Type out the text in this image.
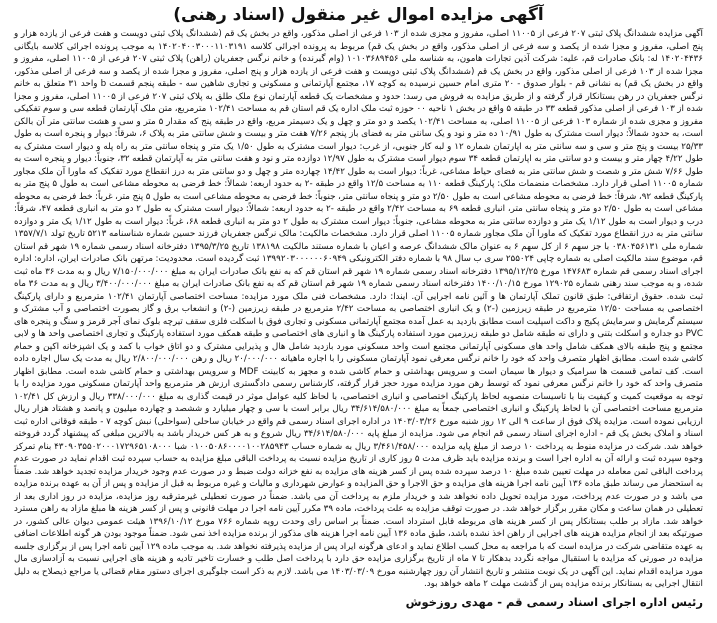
آگهی مزایده اموال غیر منقول (اسناد رهنی)

آگهی مزایده ششدانگ پلاک ثبتی ۲۰۷ فرعی از ۱۱۰۰۵ اصلی، مفروز و مجزی شده از ۱۰۳ فرعی از اصلی مذکور، واقع در بخش یک قم (ششدانگ پلاک ثبتی دویست و هفت فرعی از یازده هزار و پنج اصلی، مفروز و مجزا شده از یکصد و سه فرعی از اصلی مذکور، واقع در بخش یک قم) مربوط به پرونده اجرائی کلاسه ۱۴۰۲۰۴۰۰۳۰۰۰۱۱۰۳۱۹۱ به موجب پرونده اجرائی کلاسه بایگانی ۱۴۰۲۰۴۴۳۶ له: بانک صادرات قم، علیه: شرکت آذین تجارات هامون، به شناسه ملی ۱۰۱۰۳۶۸۹۴۵۶ (وام گیرنده) و خانم نرگس جعفریان (راهن) پلاک ثبتی ۲۰۷ فرعی از ۱۱۰۰۵ اصلی، مفروز و مجزا شده از ۱۰۳ فرعی از اصلی مذکور، واقع در بخش یک قم (ششدانگ پلاک ثبتی دویست و هفت فرعی از یازده هزار و پنج اصلی، مفروز و مجزا شده از یکصد و سه فرعی از اصلی مذکور، واقع در بخش یک قم) به نشانی قم - بلوار صدوق - ۲۰ متری امام حسین نرسیده به کوچه ۱۷، مجتمع آپارتمانی و مسکونی و تجاری شاهین سه - طبقه پنجم قسمت b واحد ۳۱ متعلق به خانم نرگس جعفریان در رهن بستانکار قرار گرفته و از طریق مزایده به فروش می رسد: حدود و مشخصات یک قطعه آپارتمان نوع ملک طلق به پلاک ثبتی ۲۰۷ فرعی از ۱۱۰۰۵ اصلی، مفروز و مجزا شده از ۱۰۳ فرعی از اصلی مذکور قطعه ۳۳ در طبقه ۵ واقع در بخش ۱ ناحیه ۰۰ حوزه ثبت ملک اداره یک قم استان قم به مساحت ۱۰۲/۴۱ مترمربع، متن ملک آپارتمان قطعه سی و سوم تفکیکی مفروز و مجزی شده از شماره ۱۰۳ فرعی از ۱۱۰۰۵ اصلی، به مساحت ۱۰۲/۴۱ یکصد و دو متر و چهل و یک دسیمتر مربع، واقع در طبقه پنج که مقدار ۵ متر و سی و هشت سانتی متر آن بالکن است، به حدود شمالاً: دیوار است مشترک به طول ۱۰/۹۱ ده متر و نود و یک سانتی متر به فضای باز پنجم ۷/۲۶ هفت متر و بیست و شش سانتی متر به پلاک ۶، شرقاً: دیوار و پنجره است به طول ۲۵/۳۳ بیست و پنج متر و سی و سه سانتی متر به اپارتمان شماره ۱۲ و لبه کار جنوبی، از غرب: دیوار است مشترک به طول ۱/۵۰ یک متر و پنجاه سانتی متر به راه پله و دیوار است مشترک به طول ۴/۲۲ چهار متر و بیست و دو سانتی متر به اپارتمان قطعه ۳۴ سوم دیوار است مشترک به طول ۱۲/۹۷ دوازده متر و نود و هفت سانتی متر به آپارتمان قطعه ۳۲، جنوباً: دیوار و پنجره است به طول ۷/۶۶ شش متر و شصت و شش سانتی متر به فضای حیاط مشاعی، غرباً: دیوار است به طول ۱۴/۴۲ چهارده متر و چهل و دو سانتی متر به درز انقطاع مورد تفکیک که ماورا آن ملک مجاور شماره ۱۱۰۰۵ اصلی قرار دارد. مشخصات منضمات ملک: پارکینگ قطعه ۱۱۰ به مساحت ۱۲/۵ واقع در طبقه -۲ به حدود اربعه: شمالاً: خط فرضی به محوطه مشاعی است به طول ۵ پنج متر به پارکینگ قطعه ۹۲، شرقاً: خط فرضی به محوطه مشاعی است به طول ۲/۵۰ دو متر و پنجاه سانتی متر، جنوباً: خط فرضی به محوطه مشاعی است به طول ۵ پنج متر، غرباً: خط فرضی به محوطه مشاعی است به طول ۲/۵۰ دو متر و پنجاه سانتی متر، انباری قطعه ۶۹ به مساحت ۲/۴۲ واقع در طبقه -۲ به حدود اربعه: شمالاً: دیوار است مشترک به طول ۲ دو متر به انباری قطعه ۴۷، شرقاً: درب و دیوار است به طول ۱/۱۲ یک متر و دوازده سانتی متر به محوطه مشاعی، جنوباً: دیوار است مشترک به طول ۲ دو متر به انباری قطعه ۶۸، غرباً: دیوار است به طول ۱/۱۲ یک متر و دوازده سانتی متر به درز انقطاع مورد تفکیک که ماورا آن ملک مجاور شماره ۱۱۰۰۵ اصلی قرار دارد. مشخصات مالکیت: مالک نرگس جعفریان فرزند حسین شماره شناسنامه ۵۲۱۳ تاریخ تولد ۱۳۵۷/۷/۱ شماره ملی ۰۳۸۰۴۵۶۱۳۱ با جز سهم ۶ از کل سهم ۶ به عنوان مالک ششدانگ عرصه و اعیان با شماره مستند مالکیت ۱۳۸۱۹۸ تاریخ ۱۳۹۵/۳/۲۵ دفترخانه اسناد رسمی شماره ۱۹ شهر قم استان قم، موضوع سند مالکیت اصلی به شماره چاپی ۲۵۵۰۲۴ سری ب سال ۹۸ با شماره دفتر الکترونیکی ۱۳۹۹۲۰۳۰۰۰۰۰۰۶۰۹۴۹ ثبت گردیده است. محدودیت: مرتهن بانک صادرات ایران، اداره: اداره اجرای اسناد رسمی قم شماره ۱۴۷۶۸۳ مورخ ۱۳۹۵/۱۲/۲۵ دفترخانه اسناد رسمی شماره ۱۹ شهر قم استان قم که به نفع بانک صادرات ایران به مبلغ ۷/۱۵۰/۰۰۰/۰۰۰ ریال و به مدت ۳۶ ماه ثبت شده، و به موجب سند رهنی شماره ۱۲۹۰۲۵ مورخ ۱۴۰۰/۱۰/۱۵ دفترخانه اسناد رسمی شماره ۱۹ شهر قم استان قم که به نفع بانک صادرات ایران به مبلغ ۳/۴۰۰/۰۰۰/۰۰۰ ریال و به مدت ۳۶ ماه ثبت شده. حقوق ارتفاقی: طبق قانون تملک آپارتمان ها و آئین نامه اجرایی آن. ایندا: دارد. مشخصات فنی ملک مورد مزایده: مساحت اختصاصی آپارتمان ۱۰۲/۴۱ مترمربع و دارای پارکینگ اختصاصی به مساحت ۱۲/۵۰ مترمربع در طبقه زیرزمین (-۲) و یک انباری اختصاصی به مساحت ۲/۴۲ مترمربع در طبقه زیرزمین (-۲) و انشعاب برق و گاز بصورت اختصاصی و آب مشترک و سیستم گرمایش و سرمایش پکیج و داکت اسپلیت است مطابق بازدید به عمل آمده مجتمع آپارتمانی مسکونی و تجاری فوق با اسکلت فلزی سقف تیرچه بلوک نمای آجر قرمز و سنگ و پنجره های PVC دو جداره و اسکلت بتنی و دارای نه طبقه شامل دو طبقه زیرزمین مورد استفاده پارکینگ ها و انباری های اختصاصی و طبقه همکف مورد استفاده پارکینگ و تجاری اختصاصی واحد ها و لابی مجتمع و پنج طبقه بالای همکف شامل واحد های مسکونی آپارتمانی مجتمع است واحد مسکونی مورد بازدید شامل هال و پذیرایی مشترک و دو اتاق خواب با کمد و یک اشپزخانه اکپن و حمام کاشی شده است. مطابق اظهار متصرف واحد که خود را خانم نرگس معرفی نمود آپارتمان مسکونی را با اجاره ماهیانه ۲۰/۰۰۰/۰۰۰ ریال و رهن ۲/۸۰۰/۰۰۰/۰۰۰ ریال به مدت یک سال اجاره داده است. کف تمامی قسمت ها سرامیک و دیوار ها سیمان است و سرویس بهداشتی و حمام کاشی شده و مجهز به کابینت MDF و سرویس بهداشتی و حمام کاشی شده است. مطابق اظهار متصرف واحد که خود را خانم نرگس معرفی نمود که توسط رهن مورد مزایده مورد حجز قرار گرفته، کارشناس رسمی دادگستری ارزش هر مترمربع واحد آپارتمان مسکونی مورد مزایده را با توجه به موقعیت کمیت و کیفیت بنا با تاسیسات منصوبه لحاظ پارکینگ اختصاصی و انباری اختصاصی، با لحاظ کلیه عوامل موثر در قیمت گذاری به مبلغ ۳۳۸/۰۰۰/۰۰۰ ریال و ارزش کل ۱۰۲/۴۱ مترمربع مساحت اختصاصی آن با لحاظ پارکینگ و انباری اختصاصی جمعاً به مبلغ ۳۴/۶۱۴/۵۸۰/۰۰۰ ریال برابر است با سی و چهار میلیارد و ششصد و چهارده میلیون و پانصد و هشتاد هزار ریال ارزیابی نموده است. مزایده پلاک فوق از ساعت ۹ الی ۱۲ روز شنبه مورخ ۱۴۰۳/۰۳/۲۶ در اداره اجرای اسناد رسمی قم واقع در خیابان ساحلی (سواحلی) نبش کوچه ۷ - طبقه فوقانی اداره ثبت اسناد و املاک بخش یک قم - اداره اجرای اسناد رسمی قم انجام می شود. مزایده از مبلغ پایه ۳۴/۶۱۴/۵۸۰/۰۰۰ ریال شروع و به هر کس خریدار باشد به بالاترین مبلغی که پیشنهاد گردد فروخته خواهد شد. شرکت در مزایده منوط به پرداخت ۱۰ درصد از مبلغ پایه مزایده ۳/۴۶۱/۴۵۸/۰۰۰ ریال به شماره حساب ۰۱۰۰۵۰۸۶۰۰۰۰۱۰۰۲۸۵۹۴۳ شبا ۴۳۰۹۰۳۵۵۰۲۰۰۰۱۷۲۹۶۵۱۰۸۰۰۰ بنام تمرکز وجوه سپرده ثبت و ارائه آن به اداره اجرا است و برنده مزایده باید ظرف مدت ۵ روز کاری از تاریخ مزایده نسبت به پرداخت الباقی مبلغ مزایده به حساب سپرده ثبت اقدام نماید در صورت عدم پرداخت الباقی ثمن معامله در مهلت تعیین شده مبلغ ۱۰ درصد سپرده شده پس از کسر هزینه های مزایده به نفع خزانه دولت ضبط و در صورت عدم وجود خریدار مزایده تجدید خواهد شد. ضمناً به استحضار می رساند طبق ماده ۱۳۶ آیین نامه اجرا هزینه های مزایده و حق الاجرا و حق المزایده و عوارض شهرداری و مالیات و غیره مربوط به قبل از مزایده و پس از آن به عهده برنده مزایده می باشد و در صورت عدم پرداخت، مورد مزایده تحویل داده نخواهد شد و خریدار ملزم به پرداخت آن می باشد. ضمناً در صورت تعطیلی غیرمترقبه روز مزایده، مزایده در روز اداری بعد از تعطیلی در همان ساعت و مکان مقرر برگزار خواهد شد. در صورت توقف مزایده به علت پرداخت، ماده ۳۹ مکرر آیین نامه اجرا در مهلت قانونی و پس از کسر هزینه ها مبلغ مازاد به راهن مسترد خواهد شد. مازاد بر طلب بستانکار پس از کسر هزینه های مربوطه قابل استرداد است. ضمناً بر اساس رای وحدت رویه شماره ۷۶۶ مورخ ۱۳۹۶/۱۰/۱۲ هیئت عمومی دیوان عالی کشور، در صورتیکه بعد از انجام مزایده هزینه های اجرایی از راهن اخذ نشده باشد، طبق ماده ۱۳۶ آیین نامه اجرا هزینه های مذکور از برنده مزایده اخذ نمی شود. ضمناً موجود بودن هر گونه اطلاعات اضافی به عهده متقاضی شرکت در مزایده است که با مراجعه به محل کسب اطلاع نماید و ادعای هرگونه ایراد پس از مزایده پذیرفته نخواهد شد. به موجب ماده ۱۲۹ آیین نامه اجرا پس از برگزاری جلسه مزایده در صورتی که مزایده با استقبال مواجه نگردد بدهکار تا ۷ ماه از تاریخ برگزاری مزایده حق دارد با پرداخت اصل طلب و خسارت تاخیر تادیه و هزینه های اجرایی نسبت به آزادسازی مال مورد مزایده اقدام نماید. این آگهی در یک نوبت منتشر و تاریخ انتشار آن روز چهارشنبه مورخ ۱۴۰۳/۰۳/۰۹ می باشد. لازم به ذکر است جلوگیری اجرای دستور مقام قضائی یا مراجع ذیصلاح به دلیل انتقال اجرایی به بستانکار برنده مزایده پس از گذشت مهلت ۲ ماهه خواهد بود.

رئیس اداره اجرای اسناد رسمی قم - مهدی روزخوش
